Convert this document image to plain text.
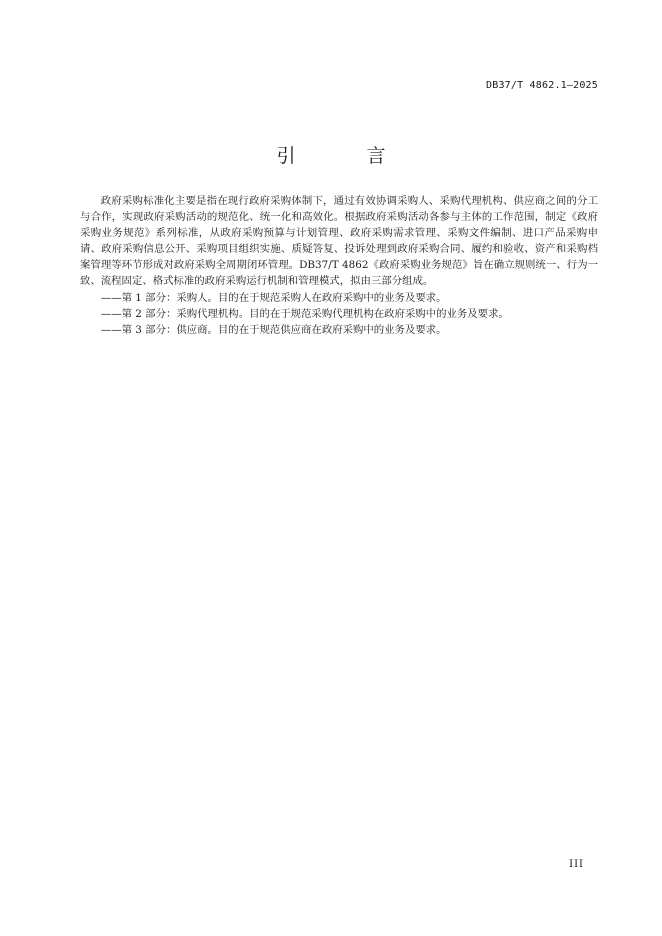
DB37/T 4862.1—2025
引　言

政府采购标准化主要是指在现行政府采购体制下，通过有效协调采购人、采购代理机构、供应商之间的分工与合作，实现政府采购活动的规范化、统一化和高效化。根据政府采购活动各参与主体的工作范围，制定《政府采购业务规范》系列标准，从政府采购预算与计划管理、政府采购需求管理、采购文件编制、进口产品采购申请、政府采购信息公开、采购项目组织实施、质疑答复、投诉处理到政府采购合同、履约和验收、资产和采购档案管理等环节形成对政府采购全周期闭环管理。DB37/T 4862《政府采购业务规范》旨在确立规则统一、行为一致、流程固定、格式标准的政府采购运行机制和管理模式，拟由三部分组成。

——第 1 部分：采购人。目的在于规范采购人在政府采购中的业务及要求。

——第 2 部分：采购代理机构。目的在于规范采购代理机构在政府采购中的业务及要求。

——第 3 部分：供应商。目的在于规范供应商在政府采购中的业务及要求。

III
